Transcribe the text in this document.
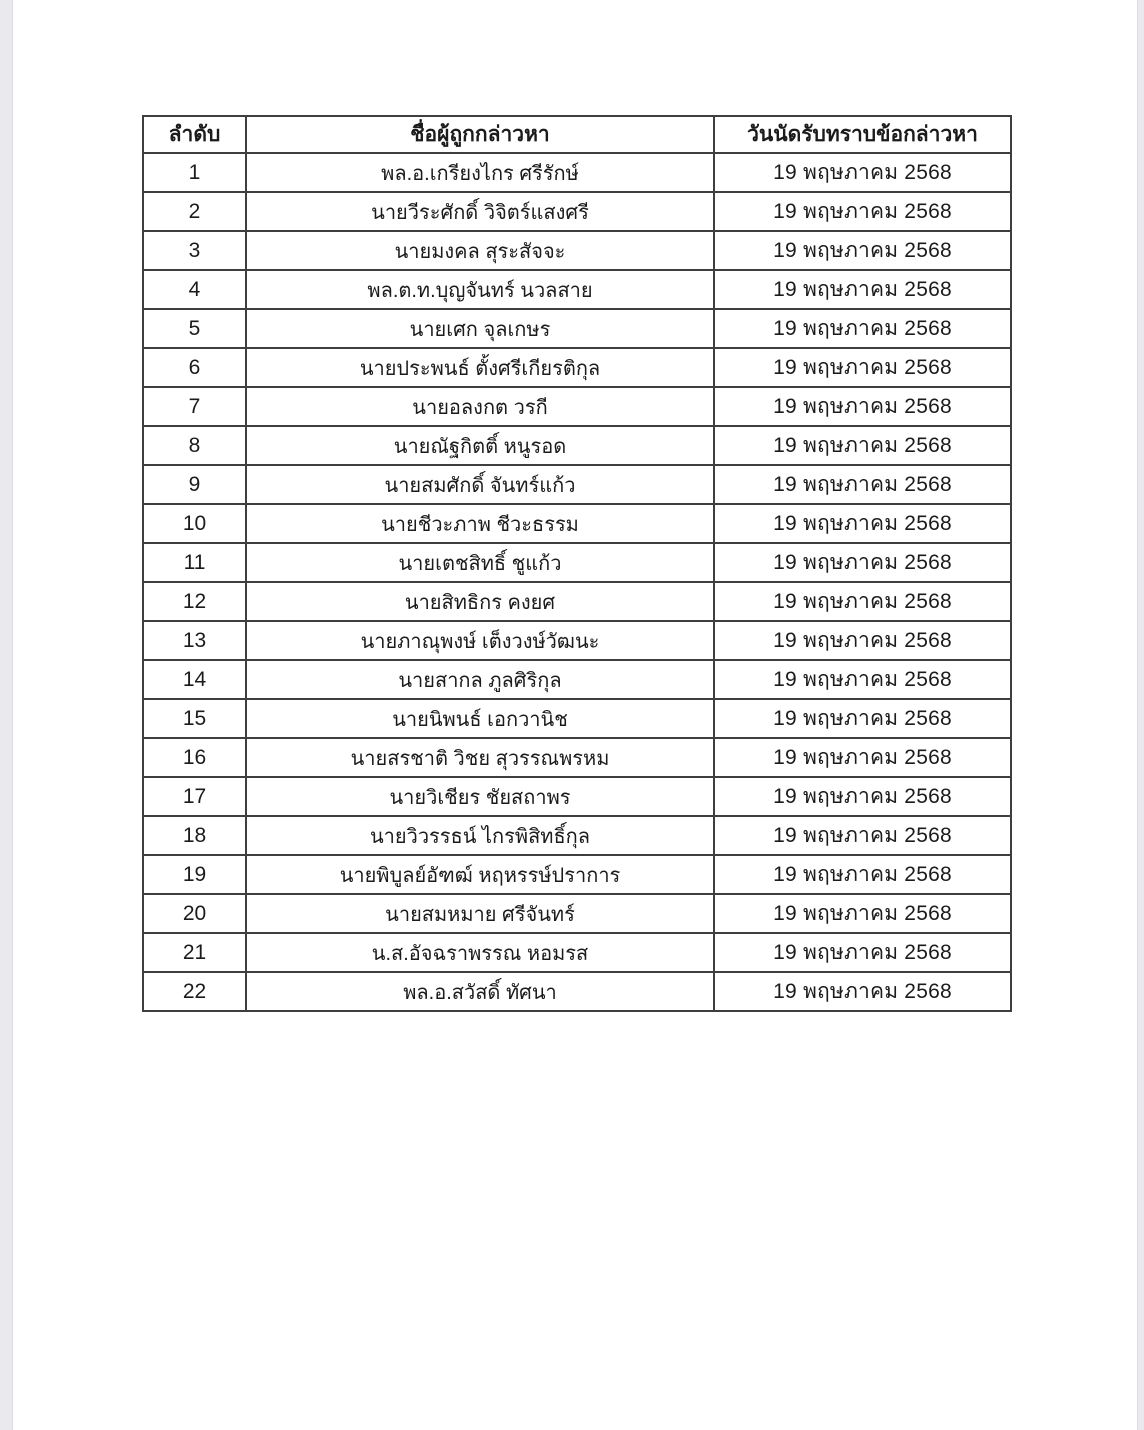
ลำดับ	ชื่อผู้ถูกกล่าวหา	วันนัดรับทราบข้อกล่าวหา
1	พล.อ.เกรียงไกร ศรีรักษ์	19 พฤษภาคม 2568
2	นายวีระศักดิ์ วิจิตร์แสงศรี	19 พฤษภาคม 2568
3	นายมงคล สุระสัจจะ	19 พฤษภาคม 2568
4	พล.ต.ท.บุญจันทร์ นวลสาย	19 พฤษภาคม 2568
5	นายเศก จุลเกษร	19 พฤษภาคม 2568
6	นายประพนธ์ ตั้งศรีเกียรติกุล	19 พฤษภาคม 2568
7	นายอลงกต วรกี	19 พฤษภาคม 2568
8	นายณัฐกิตติ์ หนูรอด	19 พฤษภาคม 2568
9	นายสมศักดิ์ จันทร์แก้ว	19 พฤษภาคม 2568
10	นายชีวะภาพ ชีวะธรรม	19 พฤษภาคม 2568
11	นายเตชสิทธิ์ ชูแก้ว	19 พฤษภาคม 2568
12	นายสิทธิกร คงยศ	19 พฤษภาคม 2568
13	นายภาณุพงษ์ เต็งวงษ์วัฒนะ	19 พฤษภาคม 2568
14	นายสากล ภูลศิริกุล	19 พฤษภาคม 2568
15	นายนิพนธ์ เอกวานิช	19 พฤษภาคม 2568
16	นายสรชาติ วิชย สุวรรณพรหม	19 พฤษภาคม 2568
17	นายวิเชียร ชัยสถาพร	19 พฤษภาคม 2568
18	นายวิวรรธน์ ไกรพิสิทธิ์กุล	19 พฤษภาคม 2568
19	นายพิบูลย์อัฑฒ์ หฤหรรษ์ปราการ	19 พฤษภาคม 2568
20	นายสมหมาย ศรีจันทร์	19 พฤษภาคม 2568
21	น.ส.อัจฉราพรรณ หอมรส	19 พฤษภาคม 2568
22	พล.อ.สวัสดิ์ ทัศนา	19 พฤษภาคม 2568
